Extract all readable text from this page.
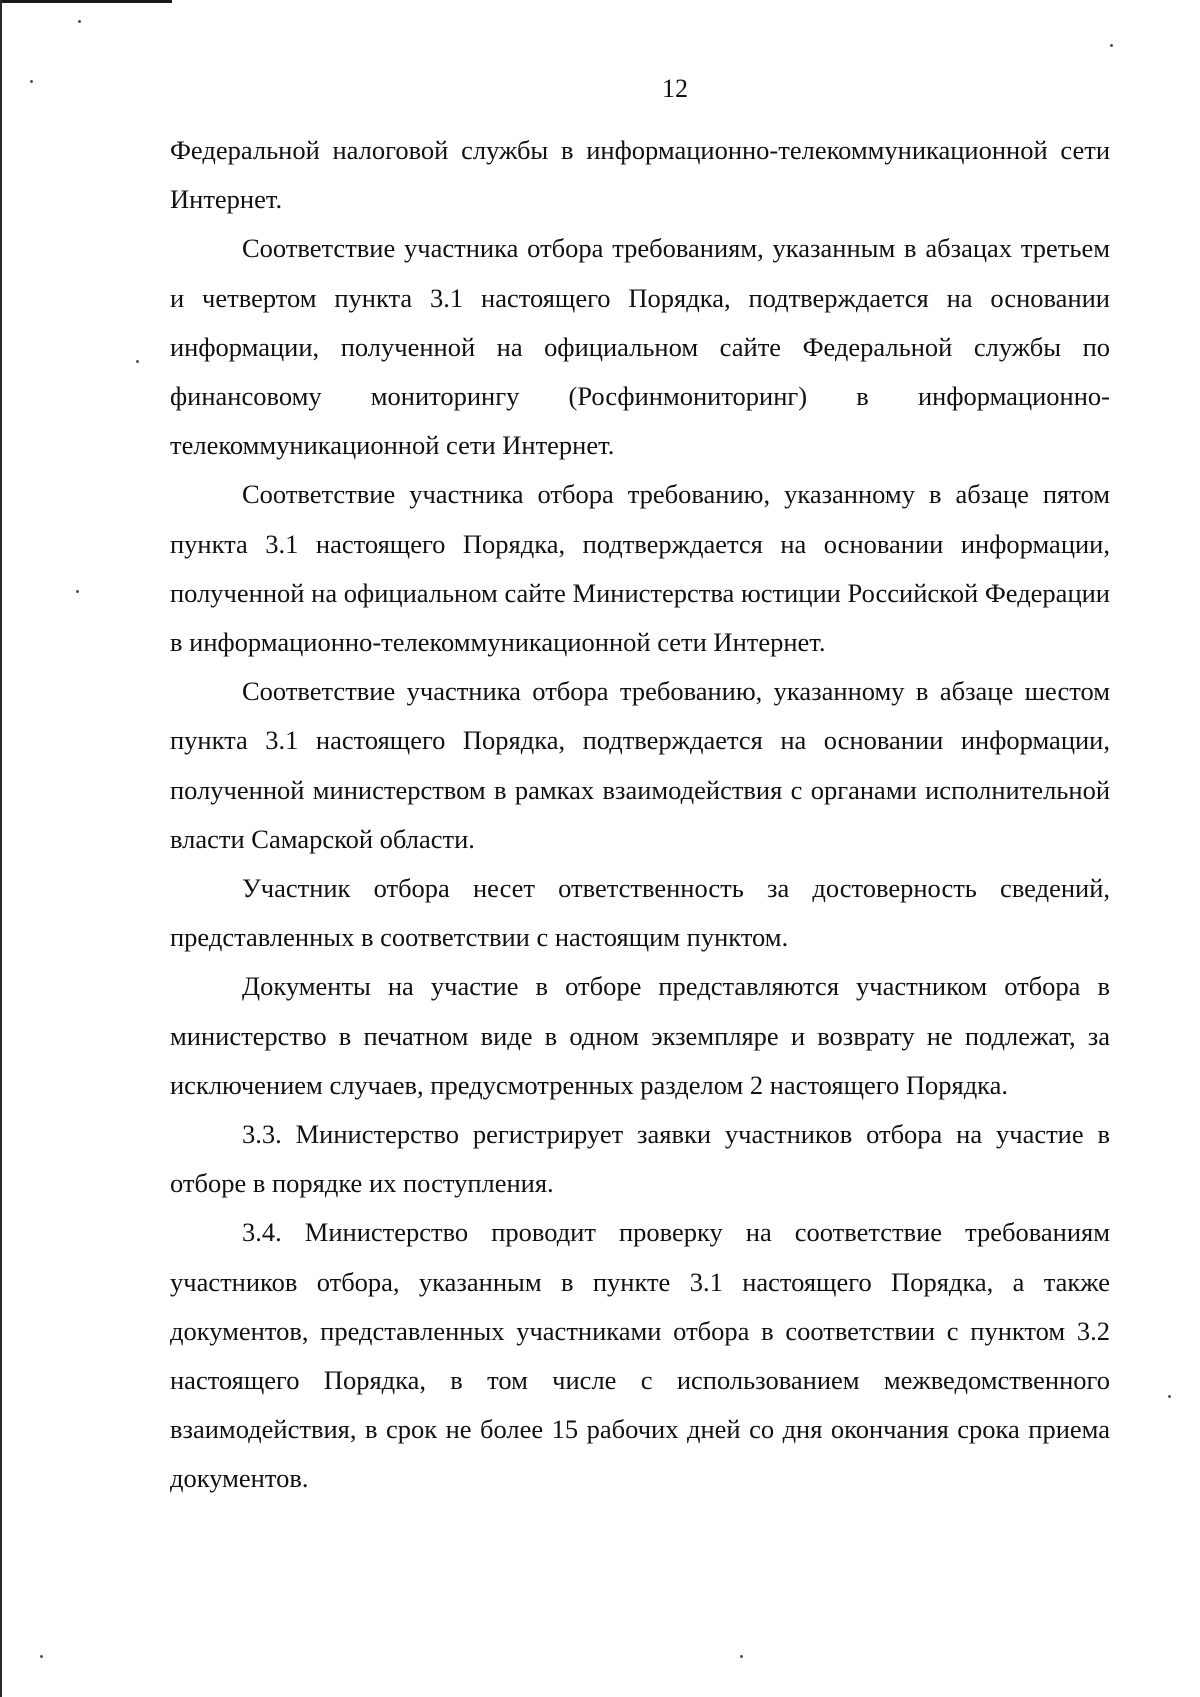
12

Федеральной налоговой службы в информационно-телекоммуникационной сети Интернет.

Соответствие участника отбора требованиям, указанным в абзацах третьем и четвертом пункта 3.1 настоящего Порядка, подтверждается на основании информации, полученной на официальном сайте Федеральной службы по финансовому мониторингу (Росфинмониторинг) в информационно-телекоммуникационной сети Интернет.

Соответствие участника отбора требованию, указанному в абзаце пятом пункта 3.1 настоящего Порядка, подтверждается на основании информации, полученной на официальном сайте Министерства юстиции Российской Федерации в информационно-телекоммуникационной сети Интернет.

Соответствие участника отбора требованию, указанному в абзаце шестом пункта 3.1 настоящего Порядка, подтверждается на основании информации, полученной министерством в рамках взаимодействия с органами исполнительной власти Самарской области.

Участник отбора несет ответственность за достоверность сведений, представленных в соответствии с настоящим пунктом.

Документы на участие в отборе представляются участником отбора в министерство в печатном виде в одном экземпляре и возврату не подлежат, за исключением случаев, предусмотренных разделом 2 настоящего Порядка.

3.3. Министерство регистрирует заявки участников отбора на участие в отборе в порядке их поступления.

3.4. Министерство проводит проверку на соответствие требованиям участников отбора, указанным в пункте 3.1 настоящего Порядка, а также документов, представленных участниками отбора в соответствии с пунктом 3.2 настоящего Порядка, в том числе с использованием межведомственного взаимодействия, в срок не более 15 рабочих дней со дня окончания срока приема документов.
